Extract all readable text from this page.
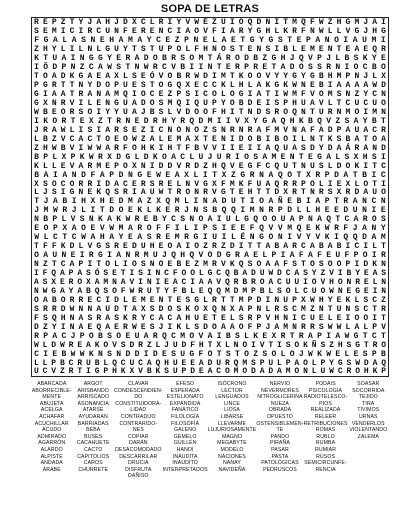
SOPA DE LETRAS
R E P Z T Y J A H J D X C L R I Y V W É Z U I O Q D N I T M Q F W Z H G M J A I
S E M I C I R C U N F E R E N C I A O V F I A R Y G H L K R F N W L L V G J H G
F G A L A S N E H A M A Y C E Z P N E L A E T G Y G S T E P A N O I A U M I
Z H Y L I L N L G U Y T S T U P O L F H N O S T E N S I B L E M E N T E A E Q R
K T U A I N G G Y E R A D O B R S O M T Á R O D B Z G H J Q V P J L B S K Y E
I Ö D P N Z C A W S T N W R C V B I I N T E R P R E T A D O S S R N I O C B O
T O A D K G A E A X L S E Ó V O B R W D I M T K O O V Y Y G Y G B H M P N J L X
P G R T T N Y D O P U E S T O G Q X E C C K L H L A K G K W N E B I A A A A W D
G I A A T R A N A M Q I O C E Z P S I C O L O G I A T I W M F V O M S N Z Y C N
G X N R V I L E N G U A D O S M Q I Q U P Y O B D E I S P H U A V L T C U C U O
W B E O R S O I Y Y U A J B S L V D O O F H I T N D S R O Q N T U R N M O I M N
I K O R T E X Z T R N E D R H Y R Q D M I I V X Y G A Q H K B Q V Z S A Y B T
J R A W L I S I A R S E Z I C N O N O Z S N R N R A F M V N A F A D P A U A C R
L B Z V C A C T O E O W Z A L E M A X T E N I D O B I B O I L N T K S B A T O A
Z H W B V I W W A R F O H K I H T F B V V I I E I I A Q U A S D Y D A Á R A N D
B P L X P K W R X D G L D K O A C L U J U R I O S A M E N T E G A L S X H S I
K L L E V A R M E P O X N I D D V R D Z H Q V E G F C Q U T N U S L D O K I T C
B A I A N D F A P D N G E W E A X L I T X Z G R N A Q O T X R P D A T B I C
X S O C O R R I D A C E R S R E L N V G X F M K F U A Q R R P O L I E X L O T I
L J S I G N E K Q S R I A U W T R O N R V G T E H T T D X R T N R S X R D A U O
T J A B I H X H E D M A Z X Q M L I N A D U T I O A Ñ E B I A P T R A N C N
J M W R J L I T D O E K L K E R J N S B Q Q I M N R P D L L H E E D U N I E
N B P L V S N K A K W R E B Y C S N O A I U L G Q O O U A P N A Q T C A R O S
E O P X A O E V W M A R O F F I L I P S I E E F Q V V M Q E K W R F J A N Y
W L C T C W A H A Y E A S R E M R G I U I L É N G O N I V Y V K I Q Q D A M
T F F K D L V G S R E D U H E O A I O Z R Z D I T T A B A R C A B A B I C I L T
O A U N E I R G I A N R M U J Q H Q V O D G R A E L P I A F A F E U F P O I R
N Z T C A P I T O L I O S N O E B E Z M R V K Q S O A A F S T O S O O P I D K N
I F Q A P A S Ó S E T I S I N C F O O L G C Q B A D U W D C A S Y Z V I B Y E A S
A S X E R O X A M N A V I N I E A C I A A V Q R B R O A C U U I O V H O N R E L N
N W G A Y A B Q S O F W R U T Y F B L E Q Q M D M P B L S O L C U O W N E G E I N
O A B O R R E C I D L E M E N T E S G L R T T M P D I N U P X W H Y E K L S C Z
S R R D W N N A U D T A X S D O S K O X Q N X A P N L R S C M Z N T U N S C T R
F S Q H N A S R A S K R Y C A C A H U E T E L S R P V H N I C U E L E I O O I T
D Z Y I N A E Q A E R W E S J I K L S D O A A O F P J A M N R R S W W L A L P V
R P A C J P O B S O E U A R Q C M O V A I B S L K E X R T R A P I A W G T C T
W L D W R E A K O V S D R Z L J U D F H T X L N O I V T I S O K Ñ S Z H S G T R O
C I E B W W K N S N D D I D E S U G F O T S T O Z S O L O J W K W E L E S P B
L L P B C R U B L Q C U C A Q H U E E A D U R Q M S P U L P A O L P Y G S W D A Q
U C V Z R T I G P H K X V B K S U P D E A C O M O D A D A M O N L U W C R O H K P
ABARCADA
ABORRECIBLE-
MENTE
ABUJETA
ACELGA
ACHAFAR
ACUCHILLAR
ACUDO
ADMIRADO
AGARRÓN
ALARDO
ALPISTE
ANDADA
ÁRABE
ARGOT
ARISBANDO
ARRISCADO
ASONANCIA
ATARSE
AYUDARAN
BARRIADAS
BEBA
BUSES
CACAHUETE
CACTO
CAPITOLIOS
CAROS
CHURRETE
CLAVAR
CONDESCENDIEN-
DO
CONSTITUIDORA-
LIDAD
CONTRADIJO
CONTRARIDO-
NES
COPIAR
DARÁN
DESACOMODADO
DESCARRILAR
DRUCIA
DISFRUTA
DAÑISO
EFESO
ESPERADA
ESTELIONATO
EXPANDIDA
FANÁTICO
FILOLOGÍA
FILOSOFÍA
GALENO
GEMELO
GUILLÉN
HANOI
INAUDITA
INAUDITO
INTERPRETADOS
ISÓCRONO
LECTOR
LENGUADOS
LINCE
LIOSA
LIBARSE
LLEVARME
LUJURIOSAMENTE
MAGNO
MEGABYTE
MODELO
NACIONES
NANAY
NAVIDEÑA
NERVIO
NEVERMORES
NITROGLICERINA
NUEZA
OBRADA
OPUESTO
OSTENSIBLEMEN-
TE
PANDO
PIRAÑA
PASAR
PASTA
PATOLÓGICAS
PEDRUSCOS
PODAIS
PSICOLOGÍA
RADIOTELESCO-
PIOS
REALIZADA
RELEER
RETRIBUCIONES
ROMAS
RUBLO
RUMBA
RUMIAR
RUSOS
SEMICIRCUNFE-
RENCIA
SOASAR
SOCORRIDA
TEJIDO
TIRA
TIVIMOS
URNAS
VENDERLOS
VIOLENTANDO
ZALEMA
